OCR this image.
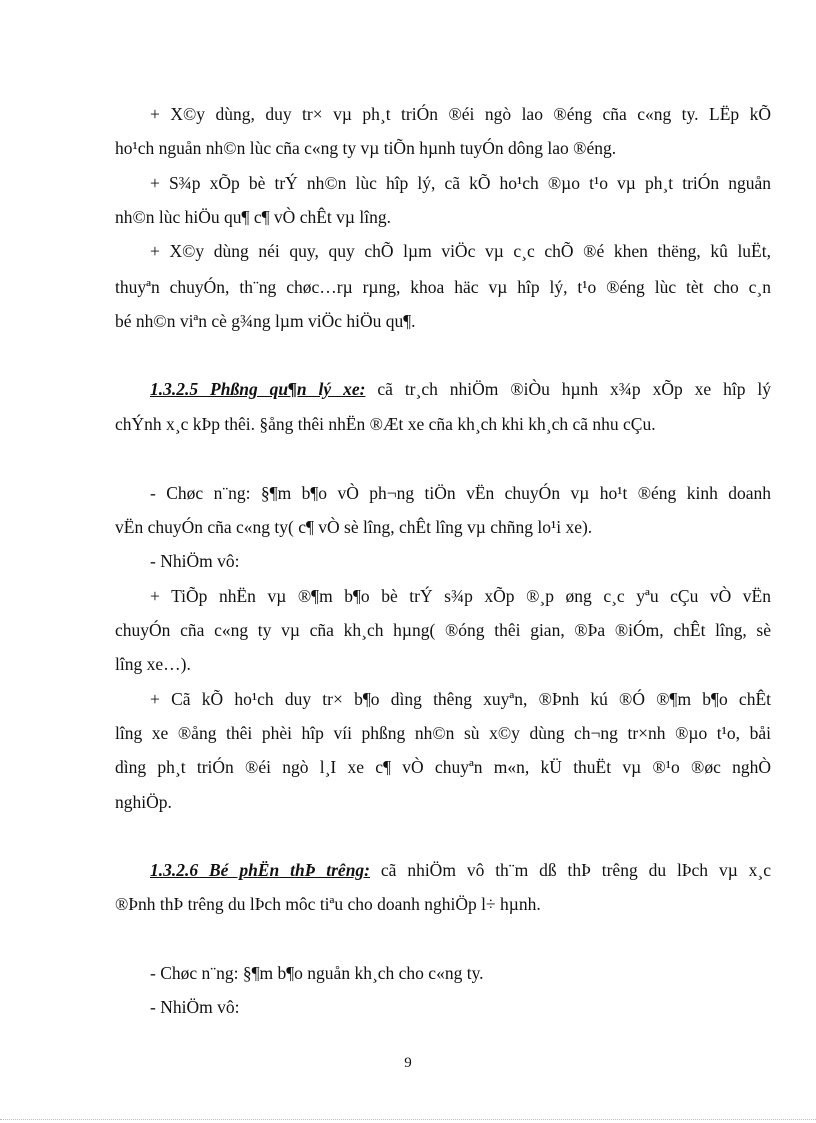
+ X©y dùng, duy tr× vµ ph¸t triÓn ®éi ngò lao ®éng cña c«ng ty. LËp kÕ
ho¹ch nguån nh©n lùc cña c«ng ty vµ tiÕn hµnh tuyÓn dông lao ®éng.
+ S¾p xÕp bè trÝ nh©n lùc hîp lý, cã kÕ ho¹ch ®µo t¹o vµ ph¸t triÓn nguån
nh©n lùc hiÖu qu¶ c¶ vÒ chÊt vµ lîng.
+ X©y dùng néi quy, quy chÕ lµm viÖc vµ c¸c chÕ ®é khen thëng, kû luËt,
thuyªn chuyÓn, th¨ng chøc…rµ rµng, khoa häc vµ hîp lý, t¹o ®éng lùc tèt cho c¸n
bé nh©n viªn cè g¾ng lµm viÖc hiÖu qu¶.
1.3.2.5 Phßng qu¶n lý xe: cã tr¸ch nhiÖm ®iÒu hµnh x¾p xÕp xe hîp lý
chÝnh x¸c kÞp thêi. §ång thêi nhËn ®Æt xe cña kh¸ch khi kh¸ch cã nhu cÇu.
- Chøc n¨ng: §¶m b¶o vÒ ph¬ng tiÖn vËn chuyÓn vµ ho¹t ®éng kinh doanh
vËn chuyÓn cña c«ng ty( c¶ vÒ sè lîng, chÊt lîng vµ chñng lo¹i xe).
- NhiÖm vô:
+ TiÕp nhËn vµ ®¶m b¶o bè trÝ s¾p xÕp ®¸p øng c¸c yªu cÇu vÒ vËn
chuyÓn cña c«ng ty vµ cña kh¸ch hµng( ®óng thêi gian, ®Þa ®iÓm, chÊt lîng, sè
lîng xe…).
+ Cã kÕ ho¹ch duy tr× b¶o dìng thêng xuyªn, ®Þnh kú ®Ó ®¶m b¶o chÊt
lîng xe ®ång thêi phèi hîp víi phßng nh©n sù x©y dùng ch¬ng tr×nh ®µo t¹o, båi
dìng ph¸t triÓn ®éi ngò l¸I xe c¶ vÒ chuyªn m«n, kÜ thuËt vµ ®¹o ®øc nghÒ
nghiÖp.
1.3.2.6 Bé phËn thÞ trêng: cã nhiÖm vô th¨m dß thÞ trêng du lÞch vµ x¸c
®Þnh thÞ trêng du lÞch môc tiªu cho doanh nghiÖp l÷ hµnh.
- Chøc n¨ng: §¶m b¶o nguån kh¸ch cho c«ng ty.
- NhiÖm vô:
9
